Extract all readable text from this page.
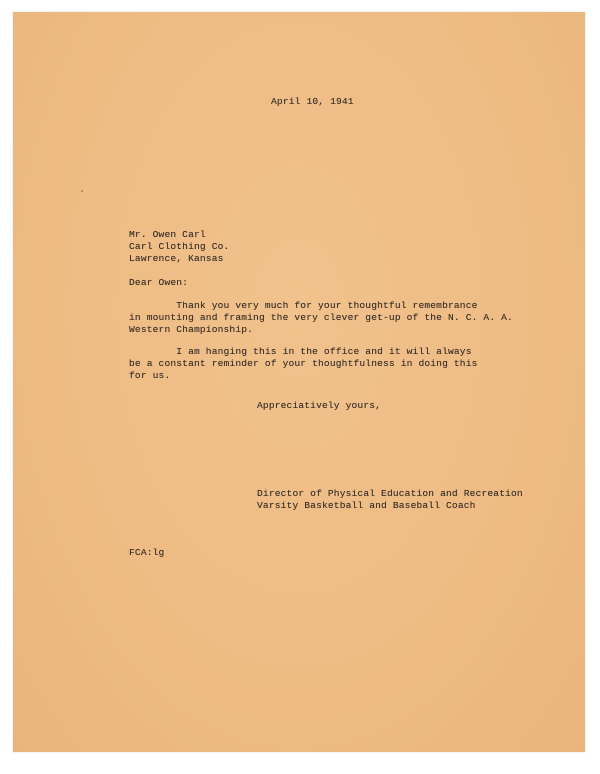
April 10, 1941
Mr. Owen Carl
Carl Clothing Co.
Lawrence, Kansas
Dear Owen:
Thank you very much for your thoughtful remembrance
in mounting and framing the very clever get-up of the N. C. A. A.
Western Championship.
I am hanging this in the office and it will always
be a constant reminder of your thoughtfulness in doing this
for us.
Appreciatively yours,
Director of Physical Education and Recreation
Varsity Basketball and Baseball Coach
FCA:lg
